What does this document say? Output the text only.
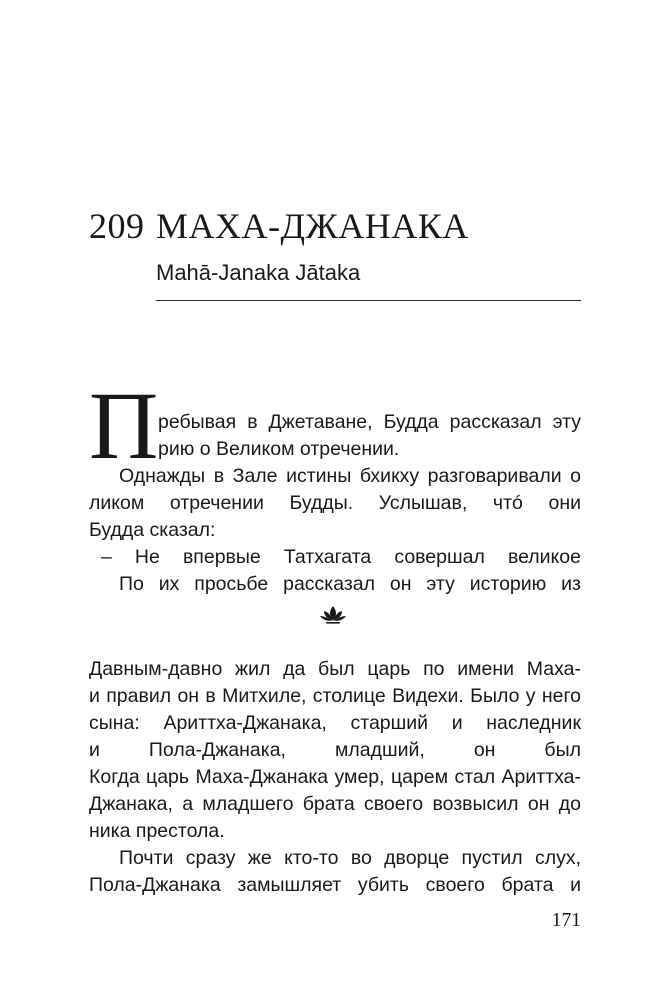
209 МАХА-ДЖАНАКА
Mahā-Janaka Jātaka
П ребывая в Джетаване, Будда рассказал эту
рию о Великом отречении.
Однажды в Зале истины бхикху разговаривали о
ликом отречении Будды. Услышав, чтó они
Будда сказал:
– Не впервые Татхагата совершал великое
По их просьбе рассказал он эту историю из
Давным-давно жил да был царь по имени Маха-
и правил он в Митхиле, столице Видехи. Было у него
сына: Ариттха-Джанака, старший и наследник
и Пола-Джанака, младший, он был
Когда царь Маха-Джанака умер, царем стал Ариттха-
Джанака, а младшего брата своего возвысил он до
ника престола.
Почти сразу же кто-то во дворце пустил слух,
Пола-Джанака замышляет убить своего брата и
171
